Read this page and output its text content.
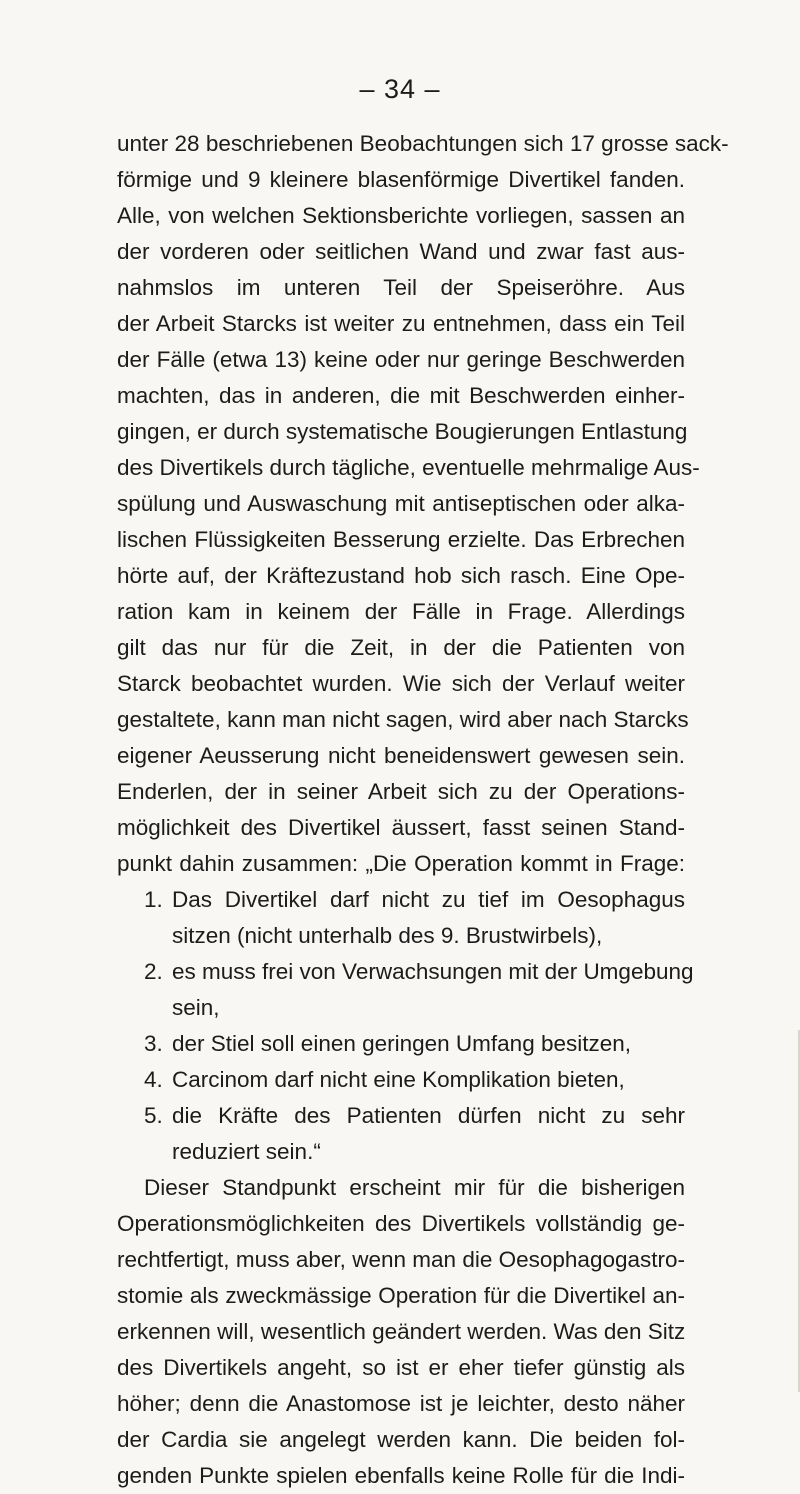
– 34 –
unter 28 beschriebenen Beobachtungen sich 17 grosse sack-
förmige und 9 kleinere blasenförmige Divertikel fanden.
Alle, von welchen Sektionsberichte vorliegen, sassen an
der vorderen oder seitlichen Wand und zwar fast aus-
nahmslos im unteren Teil der Speiseröhre. Aus
der Arbeit Starcks ist weiter zu entnehmen, dass ein Teil
der Fälle (etwa 13) keine oder nur geringe Beschwerden
machten, das in anderen, die mit Beschwerden einher-
gingen, er durch systematische Bougierungen Entlastung
des Divertikels durch tägliche, eventuelle mehrmalige Aus-
spülung und Auswaschung mit antiseptischen oder alka-
lischen Flüssigkeiten Besserung erzielte. Das Erbrechen
hörte auf, der Kräftezustand hob sich rasch. Eine Ope-
ration kam in keinem der Fälle in Frage. Allerdings
gilt das nur für die Zeit, in der die Patienten von
Starck beobachtet wurden. Wie sich der Verlauf weiter
gestaltete, kann man nicht sagen, wird aber nach Starcks
eigener Aeusserung nicht beneidenswert gewesen sein.
Enderlen, der in seiner Arbeit sich zu der Operations-
möglichkeit des Divertikel äussert, fasst seinen Stand-
punkt dahin zusammen: „Die Operation kommt in Frage:
1. Das Divertikel darf nicht zu tief im Oesophagus
sitzen (nicht unterhalb des 9. Brustwirbels),
2. es muss frei von Verwachsungen mit der Umgebung
sein,
3. der Stiel soll einen geringen Umfang besitzen,
4. Carcinom darf nicht eine Komplikation bieten,
5. die Kräfte des Patienten dürfen nicht zu sehr
reduziert sein.“
Dieser Standpunkt erscheint mir für die bisherigen
Operationsmöglichkeiten des Divertikels vollständig ge-
rechtfertigt, muss aber, wenn man die Oesophagogastro-
stomie als zweckmässige Operation für die Divertikel an-
erkennen will, wesentlich geändert werden. Was den Sitz
des Divertikels angeht, so ist er eher tiefer günstig als
höher; denn die Anastomose ist je leichter, desto näher
der Cardia sie angelegt werden kann. Die beiden fol-
genden Punkte spielen ebenfalls keine Rolle für die Indi-
